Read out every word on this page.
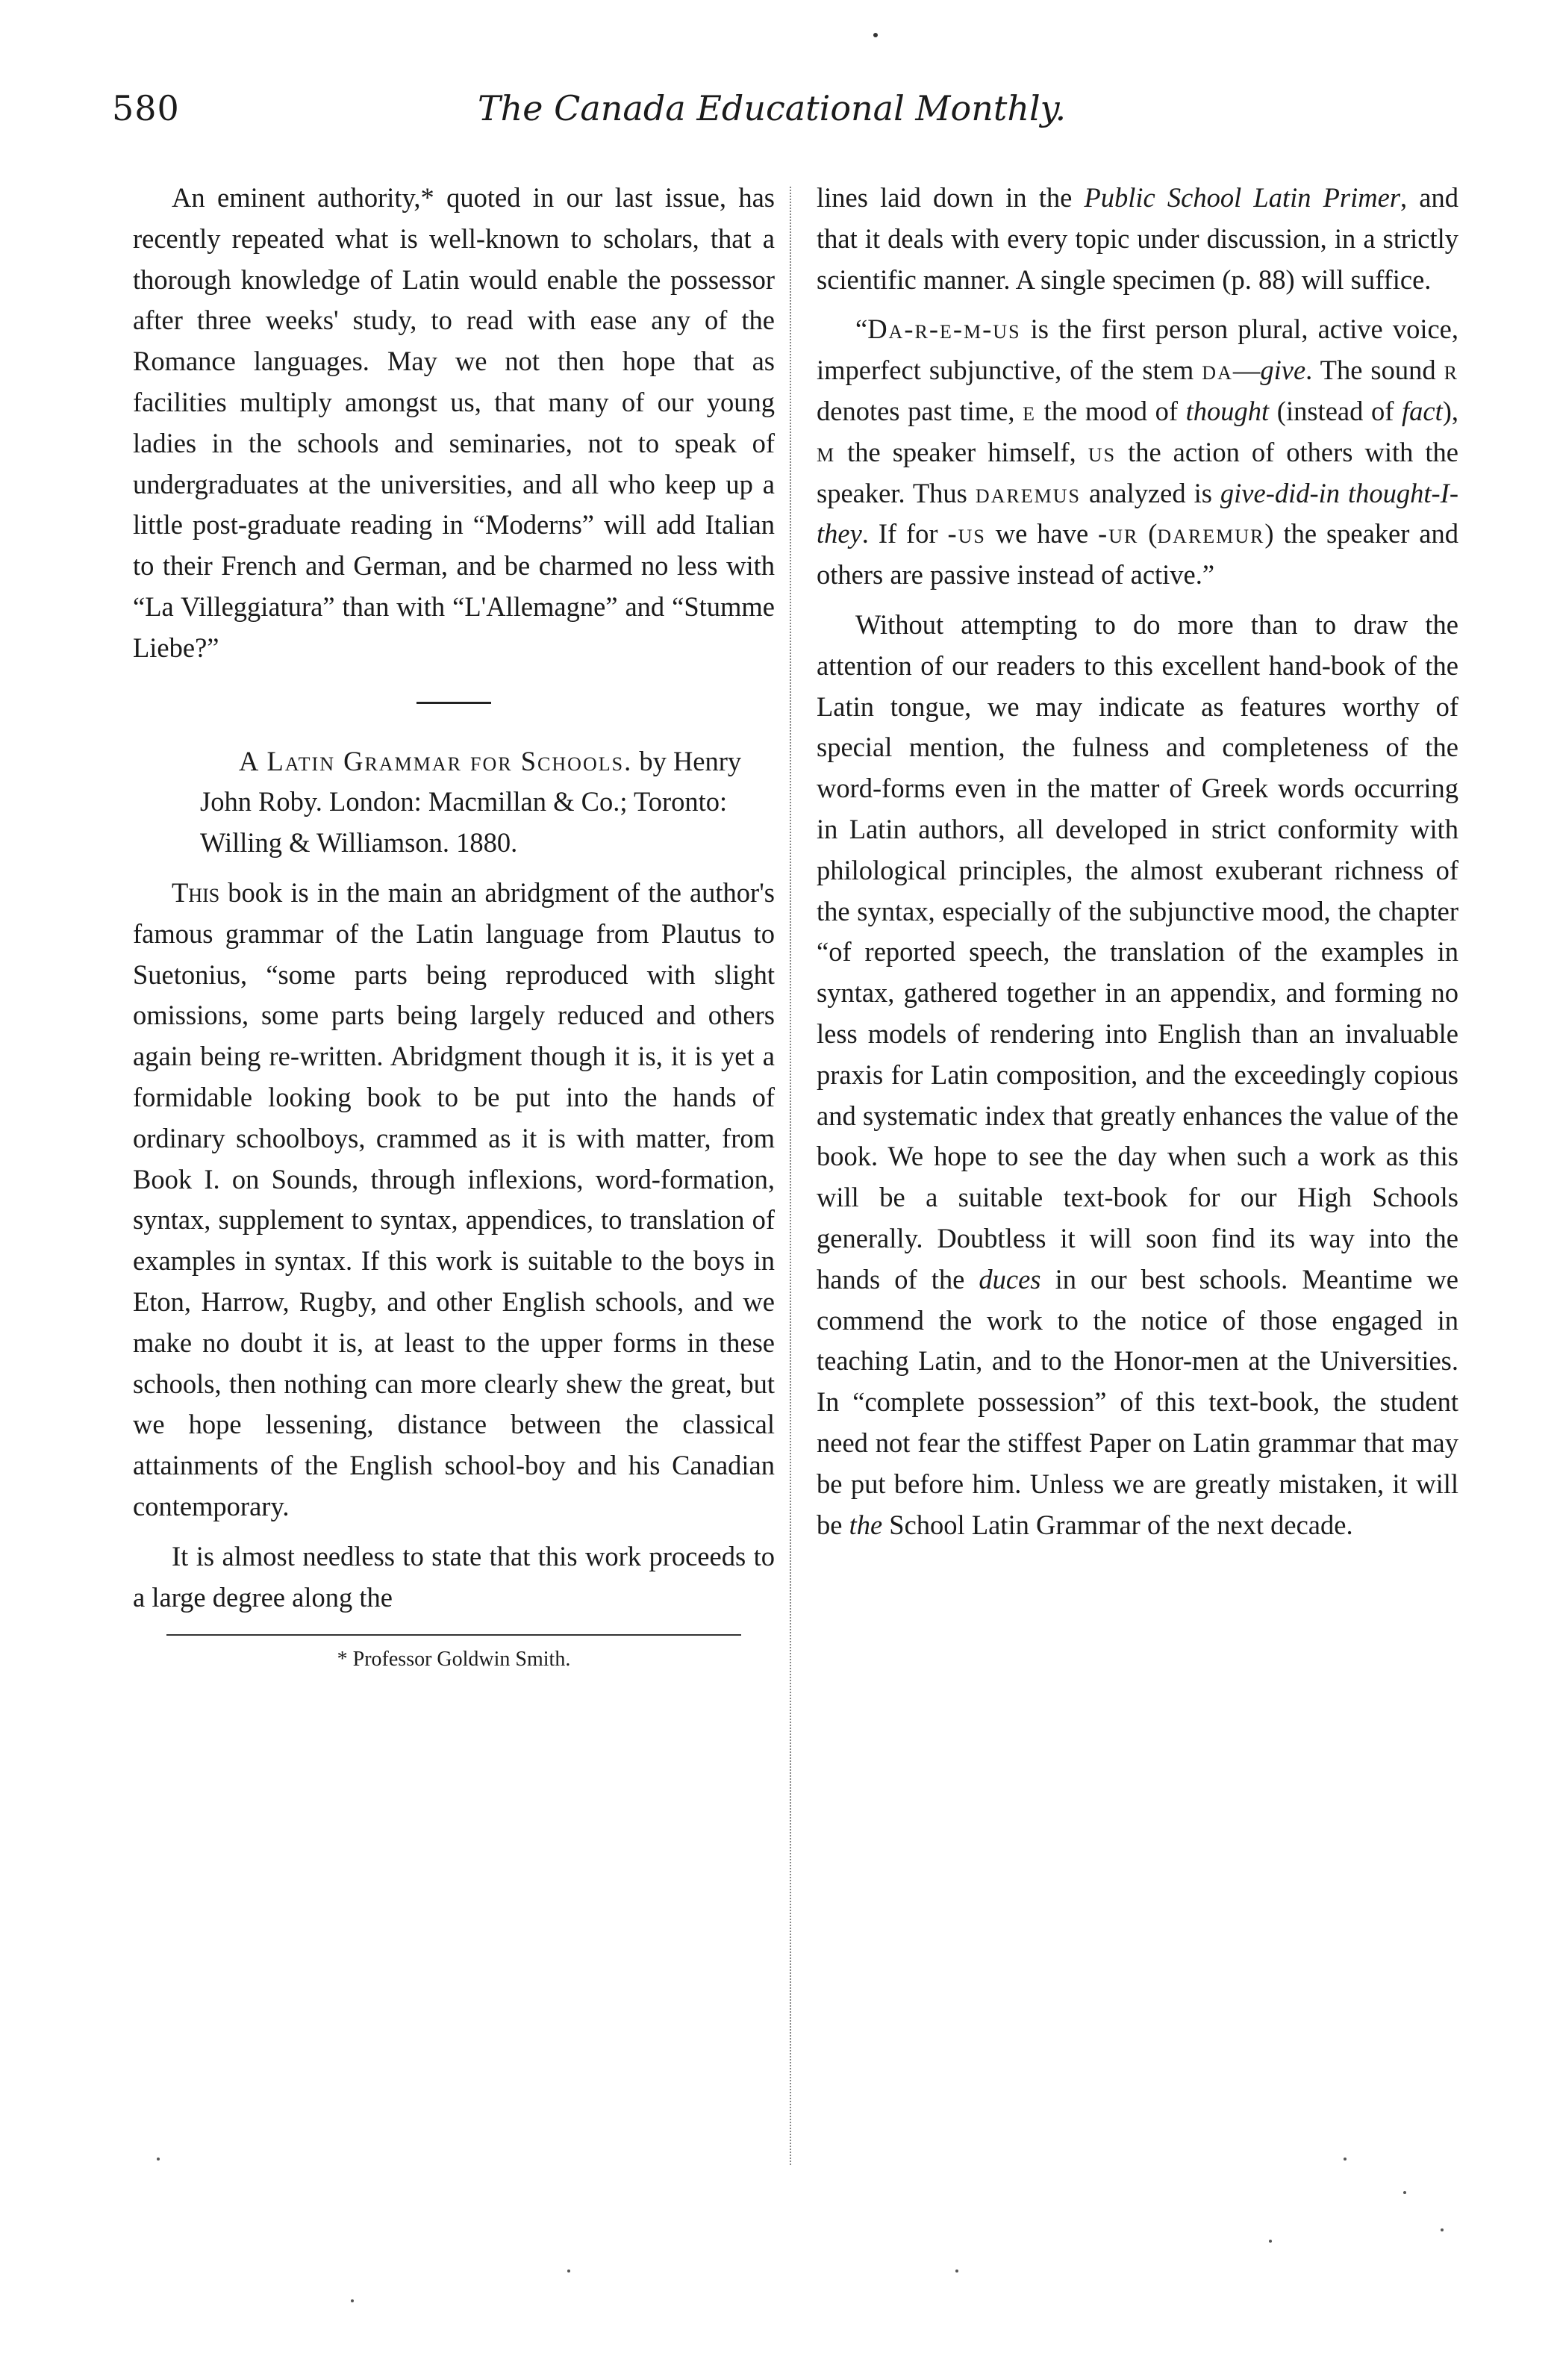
580	The Canada Educational Monthly.

An eminent authority,* quoted in our last issue, has recently repeated what is well-known to scholars, that a thorough knowledge of Latin would enable the possessor after three weeks' study, to read with ease any of the Romance languages. May we not then hope that as facilities multiply amongst us, that many of our young ladies in the schools and seminaries, not to speak of undergraduates at the universities, and all who keep up a little post-graduate reading in “Moderns” will add Italian to their French and German, and be charmed no less with “La Villeggiatura” than with “L'Allemagne” and “Stumme Liebe?”

A Latin Grammar for Schools. by Henry John Roby. London: Macmillan & Co.; Toronto: Willing & Williamson. 1880.

This book is in the main an abridgment of the author's famous grammar of the Latin language from Plautus to Suetonius, “some parts being reproduced with slight omissions, some parts being largely reduced and others again being re-written. Abridgment though it is, it is yet a formidable looking book to be put into the hands of ordinary schoolboys, crammed as it is with matter, from Book I. on Sounds, through inflexions, word-formation, syntax, supplement to syntax, appendices, to translation of examples in syntax. If this work is suitable to the boys in Eton, Harrow, Rugby, and other English schools, and we make no doubt it is, at least to the upper forms in these schools, then nothing can more clearly shew the great, but we hope lessening, distance between the classical attainments of the English school-boy and his Canadian contemporary.

It is almost needless to state that this work proceeds to a large degree along the

* Professor Goldwin Smith.

lines laid down in the Public School Latin Primer, and that it deals with every topic under discussion, in a strictly scientific manner. A single specimen (p. 88) will suffice.

“Da-r-e-m-us is the first person plural, active voice, imperfect subjunctive, of the stem da—give. The sound r denotes past time, e the mood of thought (instead of fact), m the speaker himself, us the action of others with the speaker. Thus daremus analyzed is give-did-in thought-I-they. If for -us we have -ur (daremur) the speaker and others are passive instead of active.”

Without attempting to do more than to draw the attention of our readers to this excellent hand-book of the Latin tongue, we may indicate as features worthy of special mention, the fulness and completeness of the word-forms even in the matter of Greek words occurring in Latin authors, all developed in strict conformity with philological principles, the almost exuberant richness of the syntax, especially of the subjunctive mood, the chapter “of reported speech, the translation of the examples in syntax, gathered together in an appendix, and forming no less models of rendering into English than an invaluable praxis for Latin composition, and the exceedingly copious and systematic index that greatly enhances the value of the book. We hope to see the day when such a work as this will be a suitable text-book for our High Schools generally. Doubtless it will soon find its way into the hands of the duces in our best schools. Meantime we commend the work to the notice of those engaged in teaching Latin, and to the Honor-men at the Universities. In “complete possession” of this text-book, the student need not fear the stiffest Paper on Latin grammar that may be put before him. Unless we are greatly mistaken, it will be the School Latin Grammar of the next decade.
